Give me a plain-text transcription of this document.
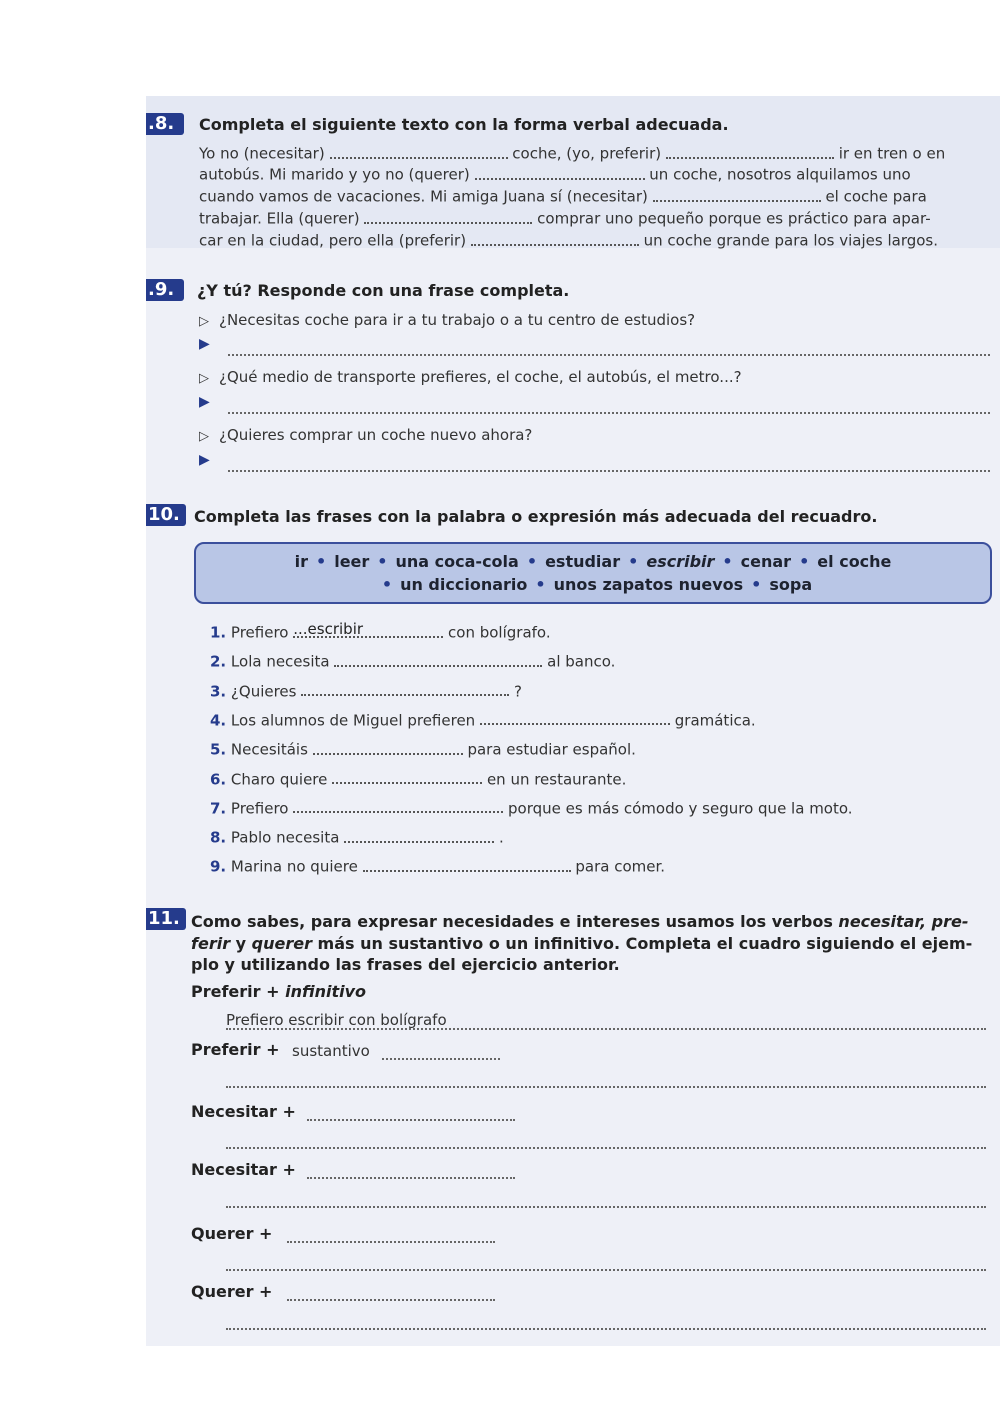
.8.	Completa el siguiente texto con la forma verbal adecuada.
Yo no (necesitar)	coche, (yo, preferir)	ir en tren o en
autobús. Mi marido y yo no (querer)	un coche, nosotros alquilamos uno
cuando vamos de vacaciones. Mi amiga Juana sí (necesitar)	el coche para
trabajar. Ella (querer)	comprar uno pequeño porque es práctico para apar-
car en la ciudad, pero ella (preferir)	un coche grande para los viajes largos.
.9.	¿Y tú? Responde con una frase completa.
▷ ¿Necesitas coche para ir a tu trabajo o a tu centro de estudios?
▶
▷ ¿Qué medio de transporte prefieres, el coche, el autobús, el metro...?
▶
▷ ¿Quieres comprar un coche nuevo ahora?
▶
10. Completa las frases con la palabra o expresión más adecuada del recuadro.
ir • leer • una coca-cola • estudiar • escribir • cenar • el coche
• un diccionario • unos zapatos nuevos • sopa
1. Prefiero ...escribir	con bolígrafo.
2. Lola necesita	al banco.
3. ¿Quieres	?
4. Los alumnos de Miguel prefieren	gramática.
5. Necesitáis	para estudiar español.
6. Charo quiere	en un restaurante.
7. Prefiero	porque es más cómodo y seguro que la moto.
8. Pablo necesita	.
9. Marina no quiere	para comer.
11. Como sabes, para expresar necesidades e intereses usamos los verbos necesitar, pre-
ferir y querer más un sustantivo o un infinitivo. Completa el cuadro siguiendo el ejem-
plo y utilizando las frases del ejercicio anterior.
Preferir + infinitivo
Prefiero escribir con bolígrafo
Preferir + sustantivo
Necesitar +
Necesitar +
Querer +
Querer +
